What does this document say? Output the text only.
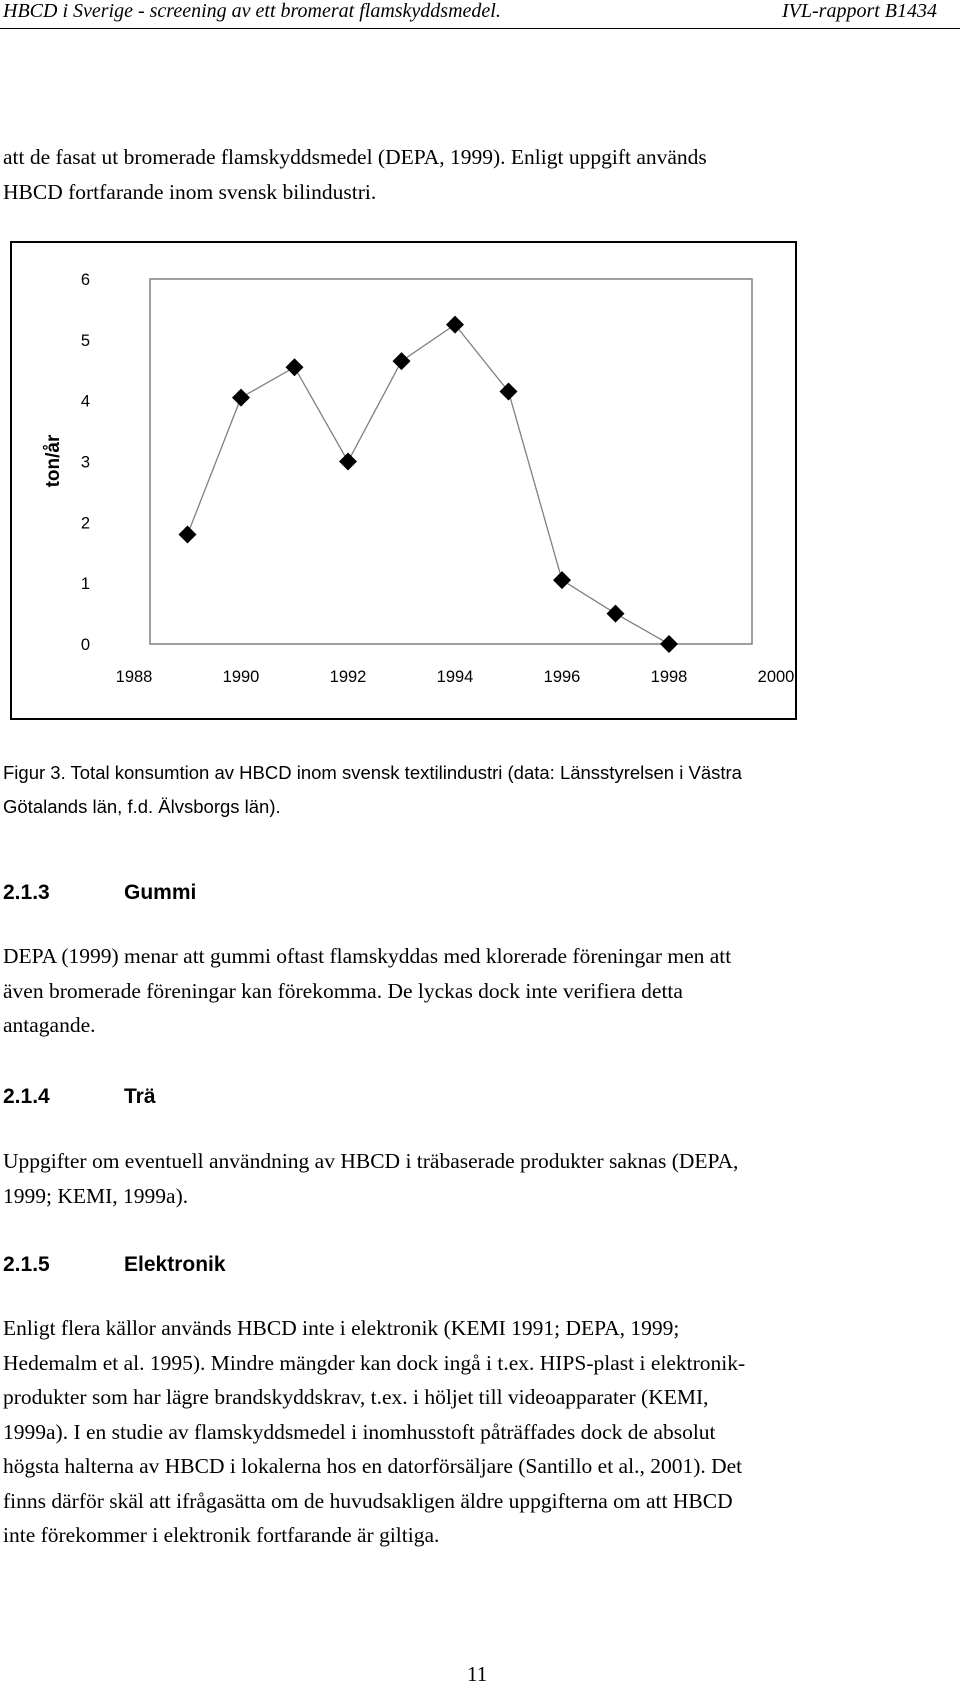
HBCD i Sverige - screening av ett bromerat flamskyddsmedel.	IVL-rapport B1434
att de fasat ut bromerade flamskyddsmedel (DEPA, 1999). Enligt uppgift används
HBCD fortfarande inom svensk bilindustri.
ton/år
0
1
2
3
4
5
6
1988	1990	1992	1994	1996	1998	2000
Figur 3. Total konsumtion av HBCD inom svensk textilindustri (data: Länsstyrelsen i Västra
Götalands län, f.d. Älvsborgs län).
2.1.3	Gummi
DEPA (1999) menar att gummi oftast flamskyddas med klorerade föreningar men att
även bromerade föreningar kan förekomma. De lyckas dock inte verifiera detta
antagande.
2.1.4	Trä
Uppgifter om eventuell användning av HBCD i träbaserade produkter saknas (DEPA,
1999; KEMI, 1999a).
2.1.5	Elektronik
Enligt flera källor används HBCD inte i elektronik (KEMI 1991; DEPA, 1999;
Hedemalm et al. 1995). Mindre mängder kan dock ingå i t.ex. HIPS-plast i elektronik-
produkter som har lägre brandskyddskrav, t.ex. i höljet till videoapparater (KEMI,
1999a). I en studie av flamskyddsmedel i inomhusstoft påträffades dock de absolut
högsta halterna av HBCD i lokalerna hos en datorförsäljare (Santillo et al., 2001). Det
finns därför skäl att ifrågasätta om de huvudsakligen äldre uppgifterna om att HBCD
inte förekommer i elektronik fortfarande är giltiga.
11
